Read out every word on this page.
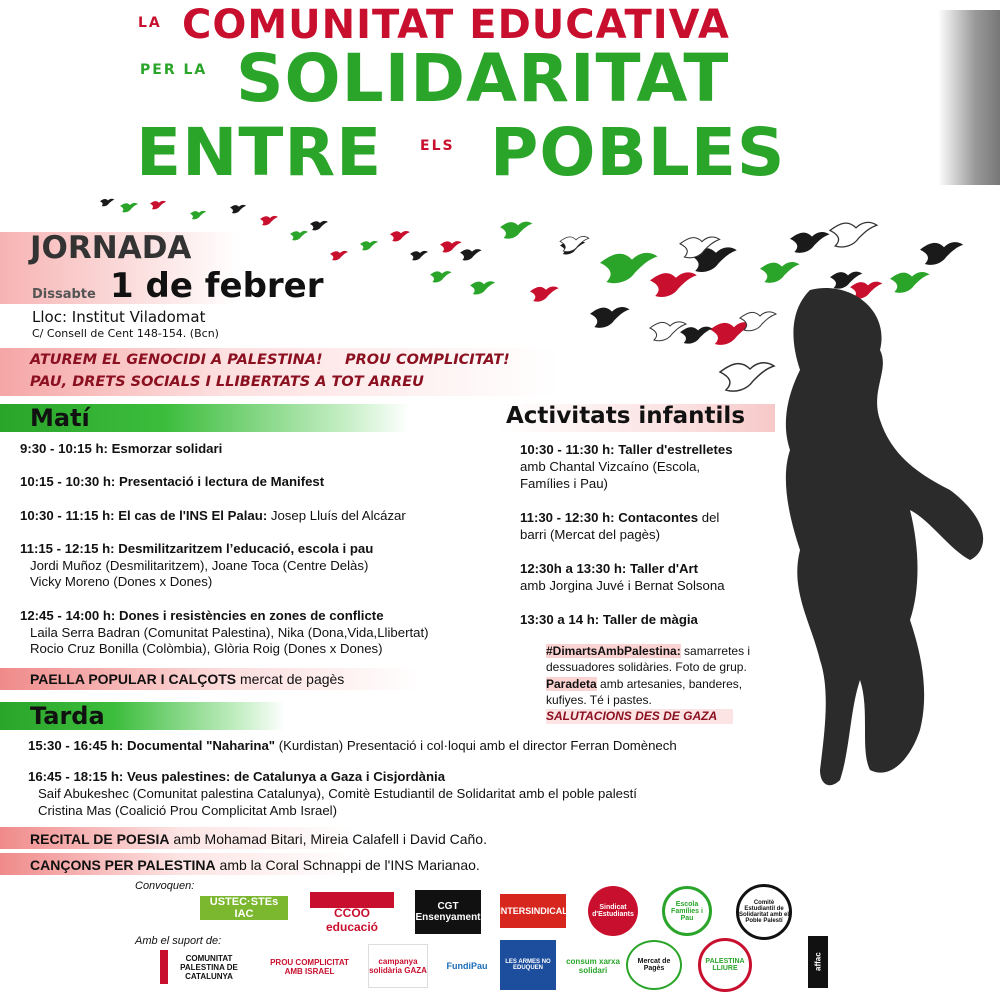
LA COMUNITAT EDUCATIVA
PER LA SOLIDARITAT
ENTRE	ELS POBLES
JORNADA
Dissabte 1 de febrer
Lloc: Institut Viladomat
C/ Consell de Cent 148-154. (Bcn)
ATUREM EL GENOCIDI A PALESTINA! PROU COMPLICITAT!
PAU, DRETS SOCIALS I LLIBERTATS A TOT ARREU
Matí
9:30 - 10:15 h: Esmorzar solidari
10:15 - 10:30 h: Presentació i lectura de Manifest
10:30 - 11:15 h: El cas de l'INS El Palau: Josep Lluís del Alcázar
11:15 - 12:15 h: Desmilitzaritzem l’educació, escola i pau
Jordi Muñoz (Desmilitaritzem), Joane Toca (Centre Delàs)
Vicky Moreno (Dones x Dones)
12:45 - 14:00 h: Dones i resistències en zones de conflicte
Laila Serra Badran (Comunitat Palestina), Nika (Dona,Vida,Llibertat)
Rocio Cruz Bonilla (Colòmbia), Glòria Roig (Dones x Dones)
PAELLA POPULAR I CALÇOTS mercat de pagès
Tarda
15:30 - 16:45 h: Documental "Naharina" (Kurdistan) Presentació i col·loqui amb el director Ferran Domènech
16:45 - 18:15 h: Veus palestines: de Catalunya a Gaza i Cisjordània
Saif Abukeshec (Comunitat palestina Catalunya), Comitè Estudiantil de Solidaritat amb el poble palestí
Cristina Mas (Coalició Prou Complicitat Amb Israel)
RECITAL DE POESIA amb Mohamad Bitari, Mireia Calafell i David Caño.
CANÇONS PER PALESTINA amb la Coral Schnappi de l'INS Marianao.
Activitats infantils
10:30 - 11:30 h: Taller d'estrelletes
amb Chantal Vizcaíno (Escola,
Famílies i Pau)
11:30 - 12:30 h: Contacontes del
barri (Mercat del pagès)
12:30h a 13:30 h: Taller d'Art
amb Jorgina Juvé i Bernat Solsona
13:30 a 14 h: Taller de màgia
#DimartsAmbPalestina: samarretes i
dessuadores solidàries. Foto de grup.
Paradeta amb artesanies, banderes,
kufiyes. Té i pastes.
SALUTACIONS DES DE GAZA
Convoquen:
Amb el suport de:
USTEC·STEs IAC	CCOO educació
CGT Ensenyament
INTERSINDICAL	Sindicat d'Estudiants
Escola Famílies i Pau
Comitè Estudiantil de Solidaritat amb el Poble Palestí
COMUNITAT PALESTINA DE CATALUNYA
PROU COMPLICITAT AMB ISRAEL
campanya solidària GAZA	FundiPau	LES ARMES NO EDUQUEN
consum xarxa solidari
Mercat de Pagès
PALESTINA LLIURE	affac
